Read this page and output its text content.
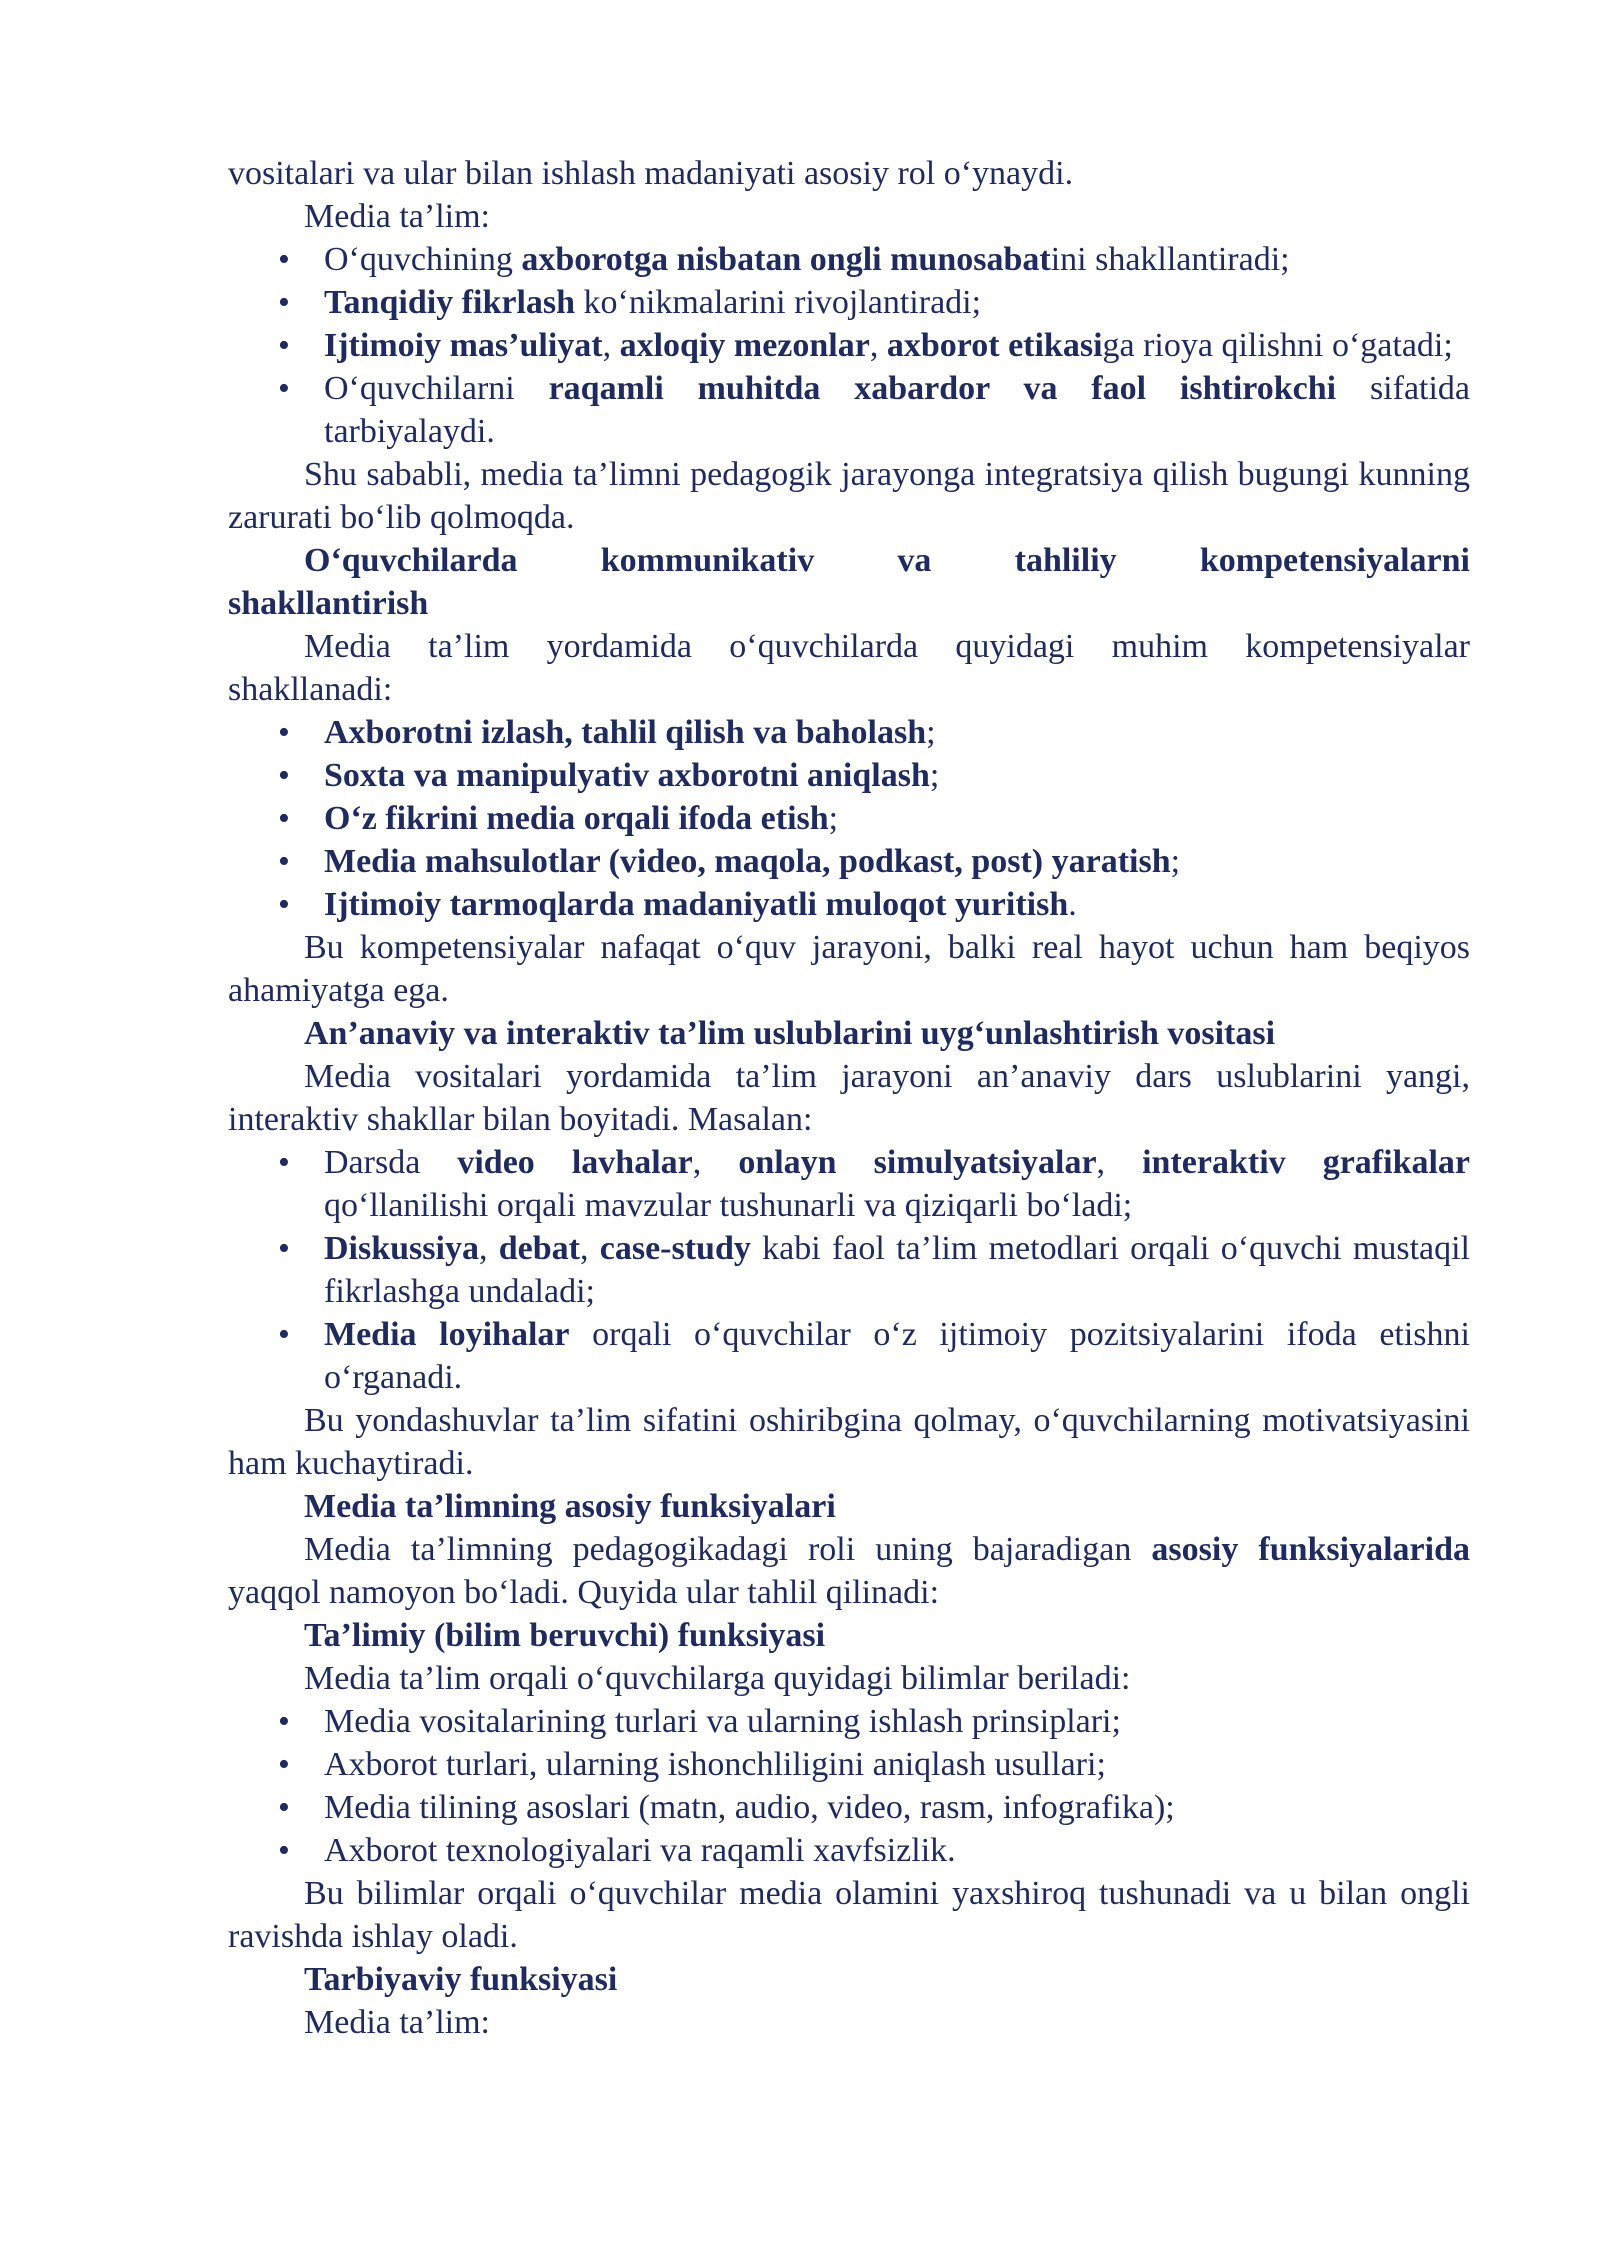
vositalari va ular bilan ishlash madaniyati asosiy rol o‘ynaydi.

Media ta’lim:

• O‘quvchining axborotga nisbatan ongli munosabatini shakllantiradi;
• Tanqidiy fikrlash ko‘nikmalarini rivojlantiradi;
• Ijtimoiy mas’uliyat, axloqiy mezonlar, axborot etikasiga rioya qilishni o‘gatadi;
• O‘quvchilarni raqamli muhitda xabardor va faol ishtirokchi sifatida tarbiyalaydi.

Shu sababli, media ta’limni pedagogik jarayonga integratsiya qilish bugungi kunning zarurati bo‘lib qolmoqda.

O‘quvchilarda kommunikativ va tahliliy kompetensiyalarni
shakllantirish

Media ta’lim yordamida o‘quvchilarda quyidagi muhim kompetensiyalar shakllanadi:

• Axborotni izlash, tahlil qilish va baholash;
• Soxta va manipulyativ axborotni aniqlash;
• O‘z fikrini media orqali ifoda etish;
• Media mahsulotlar (video, maqola, podkast, post) yaratish;
• Ijtimoiy tarmoqlarda madaniyatli muloqot yuritish.

Bu kompetensiyalar nafaqat o‘quv jarayoni, balki real hayot uchun ham beqiyos ahamiyatga ega.

An’anaviy va interaktiv ta’lim uslublarini uyg‘unlashtirish vositasi

Media vositalari yordamida ta’lim jarayoni an’anaviy dars uslublarini yangi, interaktiv shakllar bilan boyitadi. Masalan:

• Darsda video lavhalar, onlayn simulyatsiyalar, interaktiv grafikalar qo‘llanilishi orqali mavzular tushunarli va qiziqarli bo‘ladi;
• Diskussiya, debat, case-study kabi faol ta’lim metodlari orqali o‘quvchi mustaqil fikrlashga undaladi;
• Media loyihalar orqali o‘quvchilar o‘z ijtimoiy pozitsiyalarini ifoda etishni o‘rganadi.

Bu yondashuvlar ta’lim sifatini oshiribgina qolmay, o‘quvchilarning motivatsiyasini ham kuchaytiradi.

Media ta’limning asosiy funksiyalari

Media ta’limning pedagogikadagi roli uning bajaradigan asosiy funksiyalarida yaqqol namoyon bo‘ladi. Quyida ular tahlil qilinadi:

Ta’limiy (bilim beruvchi) funksiyasi

Media ta’lim orqali o‘quvchilarga quyidagi bilimlar beriladi:

• Media vositalarining turlari va ularning ishlash prinsiplari;
• Axborot turlari, ularning ishonchliligini aniqlash usullari;
• Media tilining asoslari (matn, audio, video, rasm, infografika);
• Axborot texnologiyalari va raqamli xavfsizlik.

Bu bilimlar orqali o‘quvchilar media olamini yaxshiroq tushunadi va u bilan ongli ravishda ishlay oladi.

Tarbiyaviy funksiyasi

Media ta’lim:
